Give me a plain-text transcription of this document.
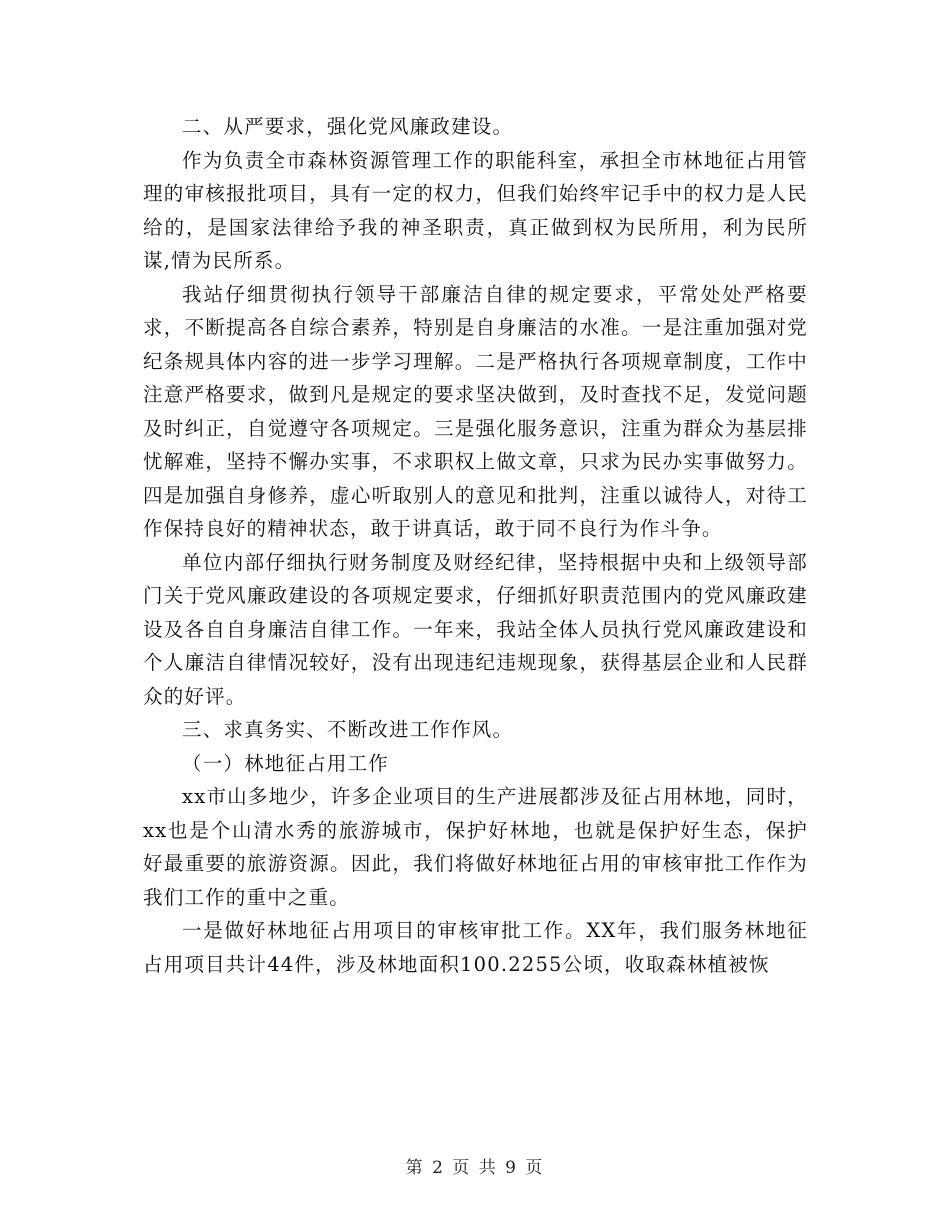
二、从严要求，强化党风廉政建设。

作为负责全市森林资源管理工作的职能科室，承担全市林地征占用管理的审核报批项目，具有一定的权力，但我们始终牢记手中的权力是人民给的，是国家法律给予我的神圣职责，真正做到权为民所用，利为民所谋,情为民所系。

我站仔细贯彻执行领导干部廉洁自律的规定要求，平常处处严格要求，不断提高各自综合素养，特别是自身廉洁的水准。一是注重加强对党纪条规具体内容的进一步学习理解。二是严格执行各项规章制度，工作中注意严格要求，做到凡是规定的要求坚决做到，及时查找不足，发觉问题及时纠正，自觉遵守各项规定。三是强化服务意识，注重为群众为基层排忧解难，坚持不懈办实事，不求职权上做文章，只求为民办实事做努力。四是加强自身修养，虚心听取别人的意见和批判，注重以诚待人，对待工作保持良好的精神状态，敢于讲真话，敢于同不良行为作斗争。

单位内部仔细执行财务制度及财经纪律，坚持根据中央和上级领导部门关于党风廉政建设的各项规定要求，仔细抓好职责范围内的党风廉政建设及各自自身廉洁自律工作。一年来，我站全体人员执行党风廉政建设和个人廉洁自律情况较好，没有出现违纪违规现象，获得基层企业和人民群众的好评。

三、求真务实、不断改进工作作风。

（一）林地征占用工作

xx市山多地少，许多企业项目的生产进展都涉及征占用林地，同时，xx也是个山清水秀的旅游城市，保护好林地，也就是保护好生态，保护好最重要的旅游资源。因此，我们将做好林地征占用的审核审批工作作为我们工作的重中之重。

一是做好林地征占用项目的审核审批工作。XX年，我们服务林地征占用项目共计44件，涉及林地面积100.2255公顷，收取森林植被恢

第 2 页 共 9 页
